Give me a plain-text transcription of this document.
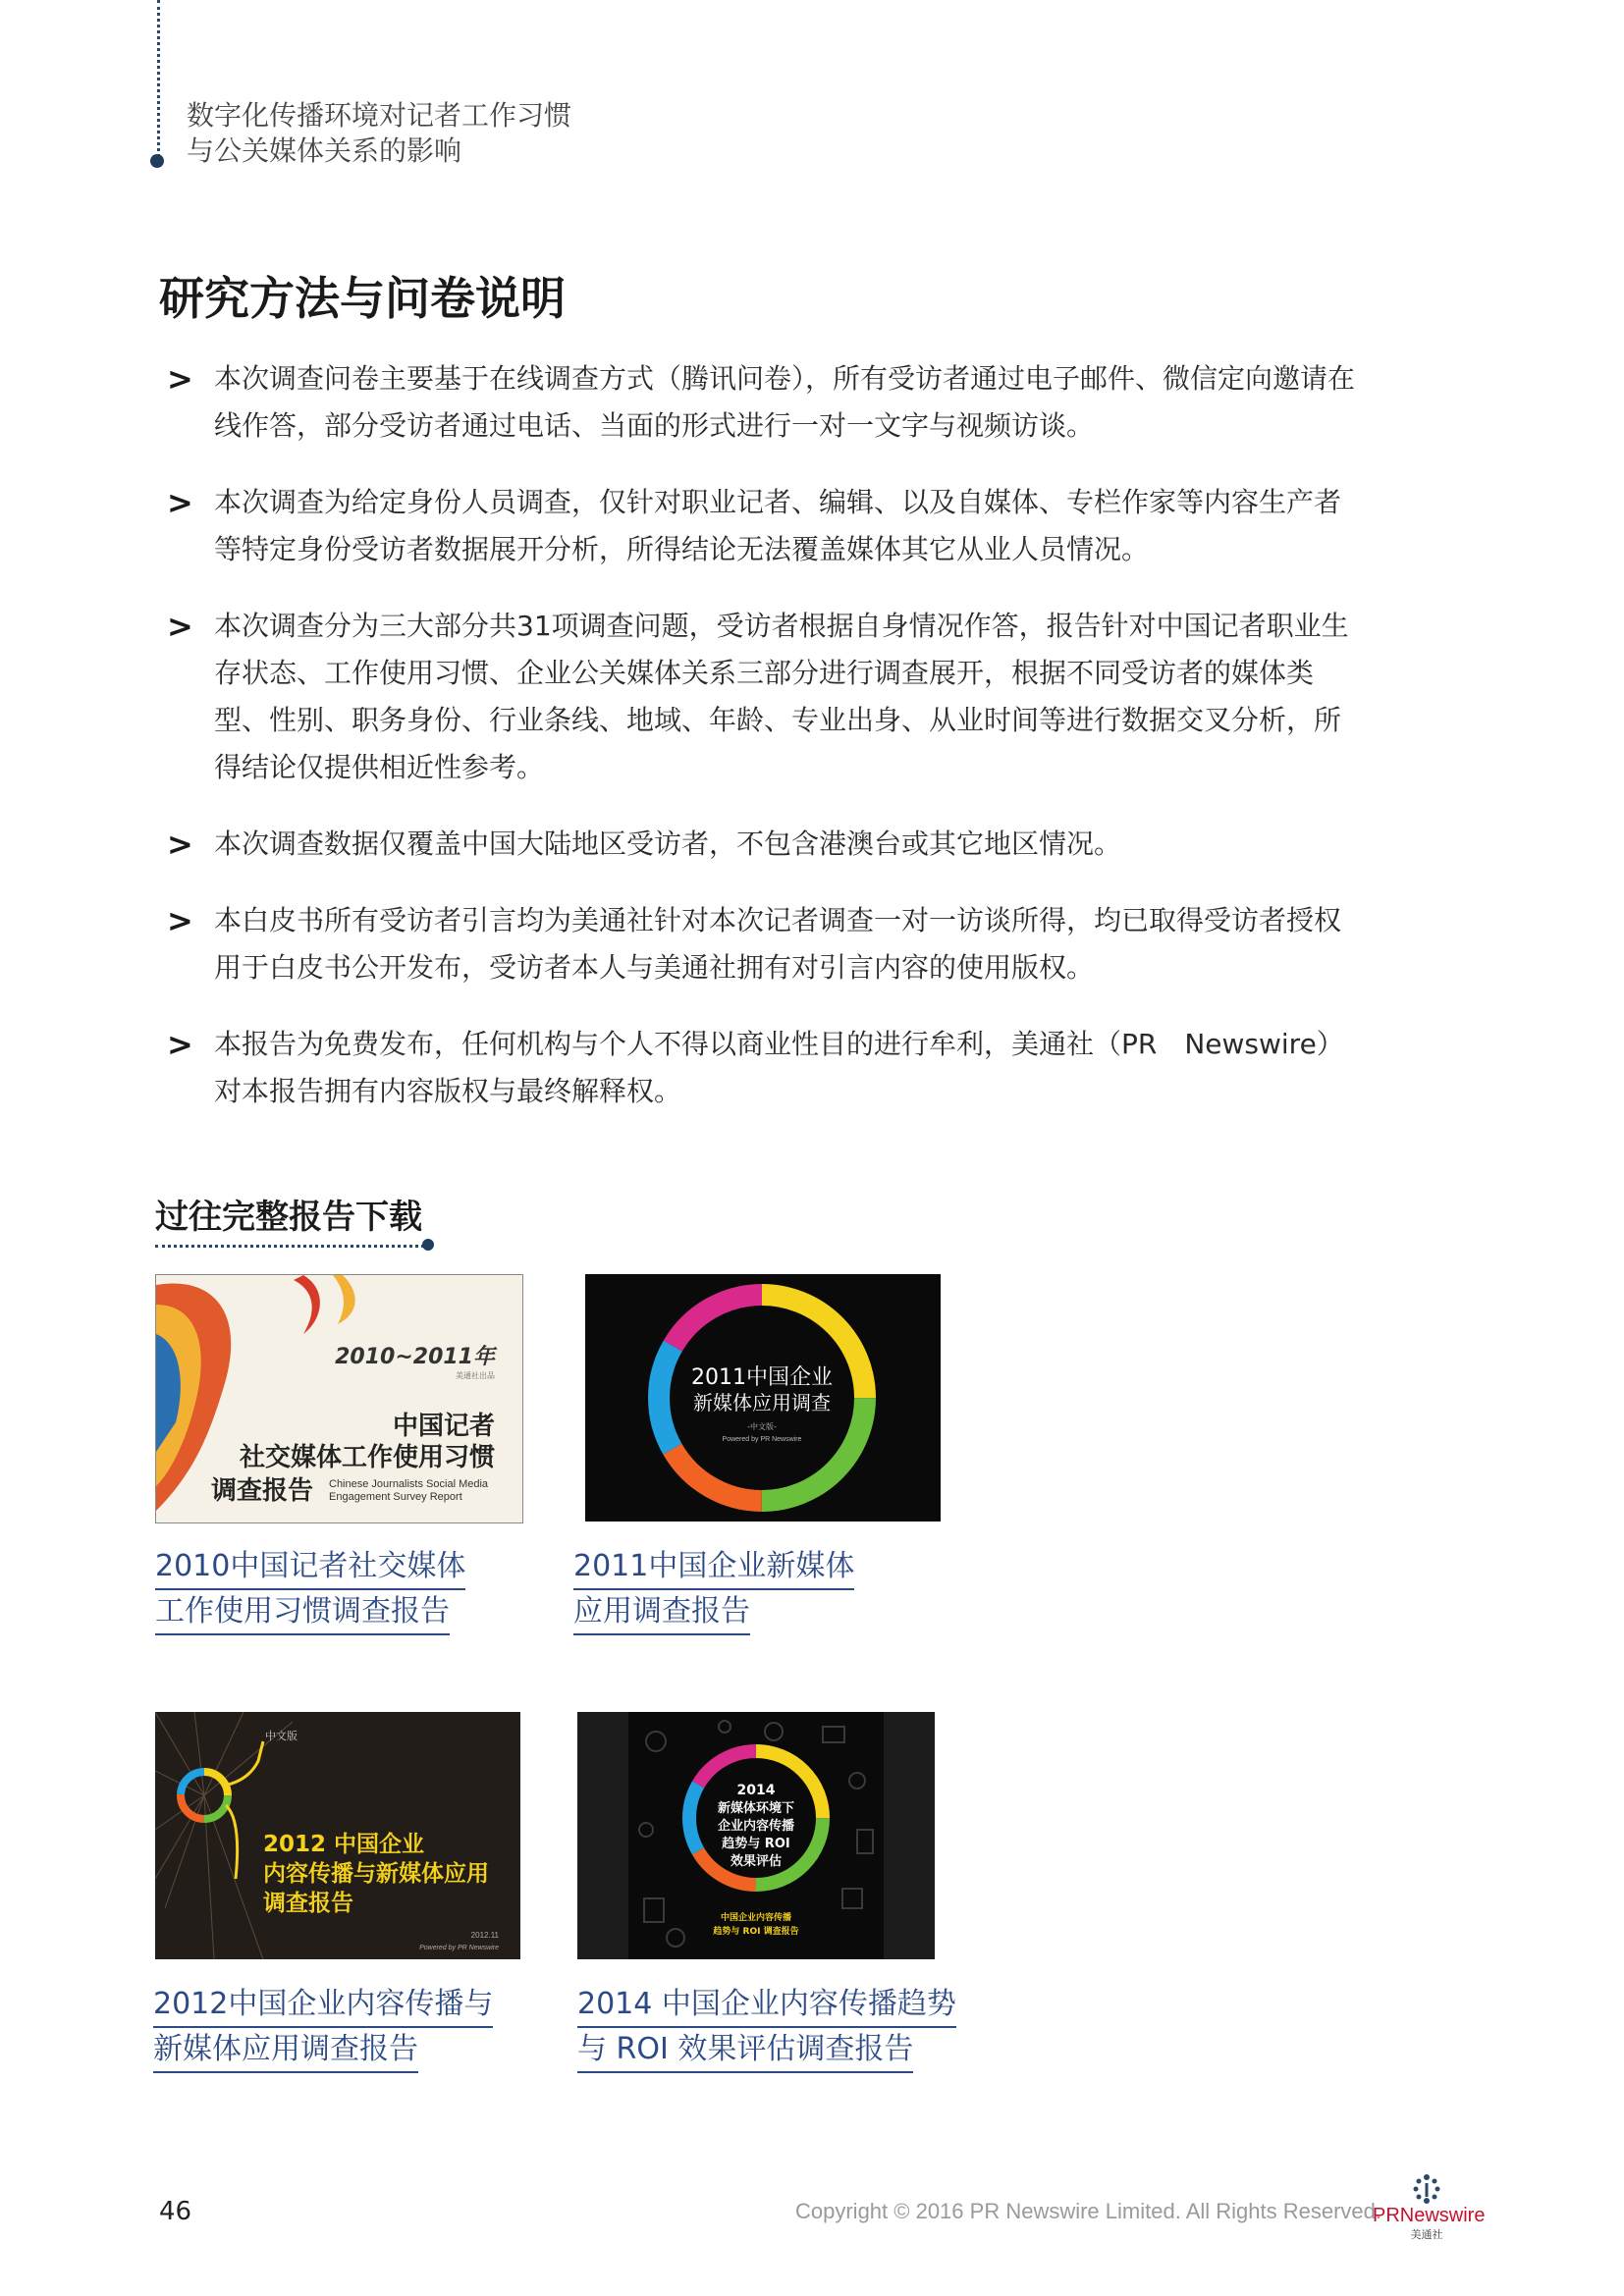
数字化传播环境对记者工作习惯
与公关媒体关系的影响
研究方法与问卷说明
> 本次调查问卷主要基于在线调查方式（腾讯问卷），所有受访者通过电子邮件、微信定向邀请在线作答，部分受访者通过电话、当面的形式进行一对一文字与视频访谈。
> 本次调查为给定身份人员调查，仅针对职业记者、编辑、以及自媒体、专栏作家等内容生产者等特定身份受访者数据展开分析，所得结论无法覆盖媒体其它从业人员情况。
> 本次调查分为三大部分共31项调查问题，受访者根据自身情况作答，报告针对中国记者职业生存状态、工作使用习惯、企业公关媒体关系三部分进行调查展开，根据不同受访者的媒体类型、性别、职务身份、行业条线、地域、年龄、专业出身、从业时间等进行数据交叉分析，所得结论仅提供相近性参考。
> 本次调查数据仅覆盖中国大陆地区受访者，不包含港澳台或其它地区情况。
> 本白皮书所有受访者引言均为美通社针对本次记者调查一对一访谈所得，均已取得受访者授权用于白皮书公开发布，受访者本人与美通社拥有对引言内容的使用版权。
> 本报告为免费发布，任何机构与个人不得以商业性目的进行牟利，美通社（PR　Newswire）对本报告拥有内容版权与最终解释权。
过往完整报告下载
2010~2011年
美通社出品
中国记者
社交媒体工作使用习惯
调查报告 Chinese Journalists Social Media
Engagement Survey Report
2010中国记者社交媒体
工作使用习惯调查报告
2011中国企业
新媒体应用调查
-中文版-
Powered by PR Newswire
2011中国企业新媒体
应用调查报告
中文版
2012 中国企业
内容传播与新媒体应用
调查报告
2012.11
Powered by PR Newswire
2012中国企业内容传播与
新媒体应用调查报告
2014
新媒体环境下
企业内容传播
趋势与 ROI
效果评估
中国企业内容传播
趋势与 ROI 调查报告
2014 中国企业内容传播趋势
与 ROI 效果评估调查报告
46	Copyright © 2016 PR Newswire Limited. All Rights Reserved.
PRNewswire
美通社
